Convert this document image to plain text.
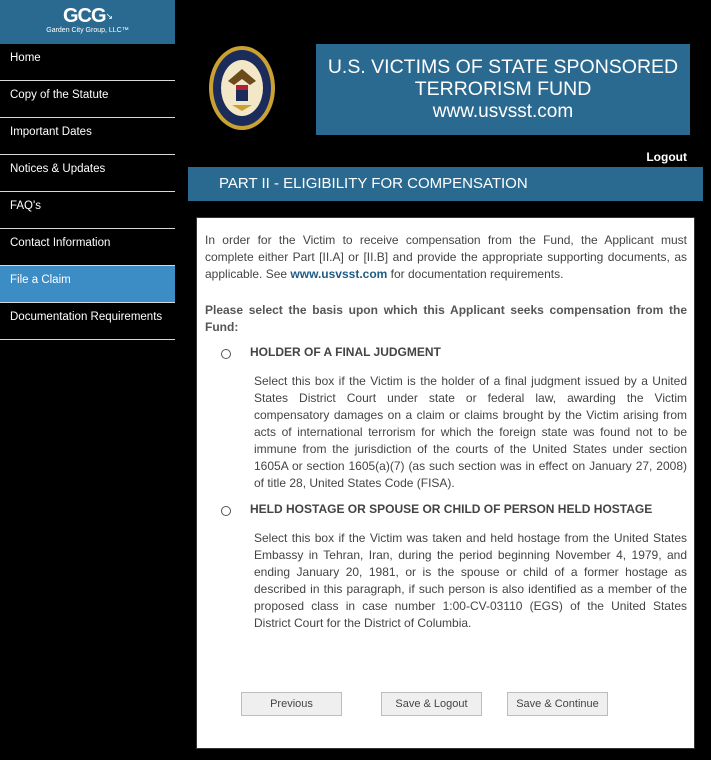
GCG↘
Garden City Group, LLC™
Home
Copy of the Statute
Important Dates
Notices & Updates
FAQ's
Contact Information
File a Claim
Documentation Requirements
U.S. VICTIMS OF STATE SPONSORED
TERRORISM FUND
www.usvsst.com
Logout
PART II - ELIGIBILITY FOR COMPENSATION

In order for the Victim to receive compensation from the Fund, the Applicant must complete either Part [II.A] or [II.B] and provide the appropriate supporting documents, as applicable. See www.usvsst.com for documentation requirements.

Please select the basis upon which this Applicant seeks compensation from the Fund:

HOLDER OF A FINAL JUDGMENT
Select this box if the Victim is the holder of a final judgment issued by a United States District Court under state or federal law, awarding the Victim compensatory damages on a claim or claims brought by the Victim arising from acts of international terrorism for which the foreign state was found not to be immune from the jurisdiction of the courts of the United States under section 1605A or section 1605(a)(7) (as such section was in effect on January 27, 2008) of title 28, United States Code (FISA).
HELD HOSTAGE OR SPOUSE OR CHILD OF PERSON HELD HOSTAGE
Select this box if the Victim was taken and held hostage from the United States Embassy in Tehran, Iran, during the period beginning November 4, 1979, and ending January 20, 1981, or is the spouse or child of a former hostage as described in this paragraph, if such person is also identified as a member of the proposed class in case number 1:00-CV-03110 (EGS) of the United States District Court for the District of Columbia.
Previous	Save & Logout	Save & Continue
